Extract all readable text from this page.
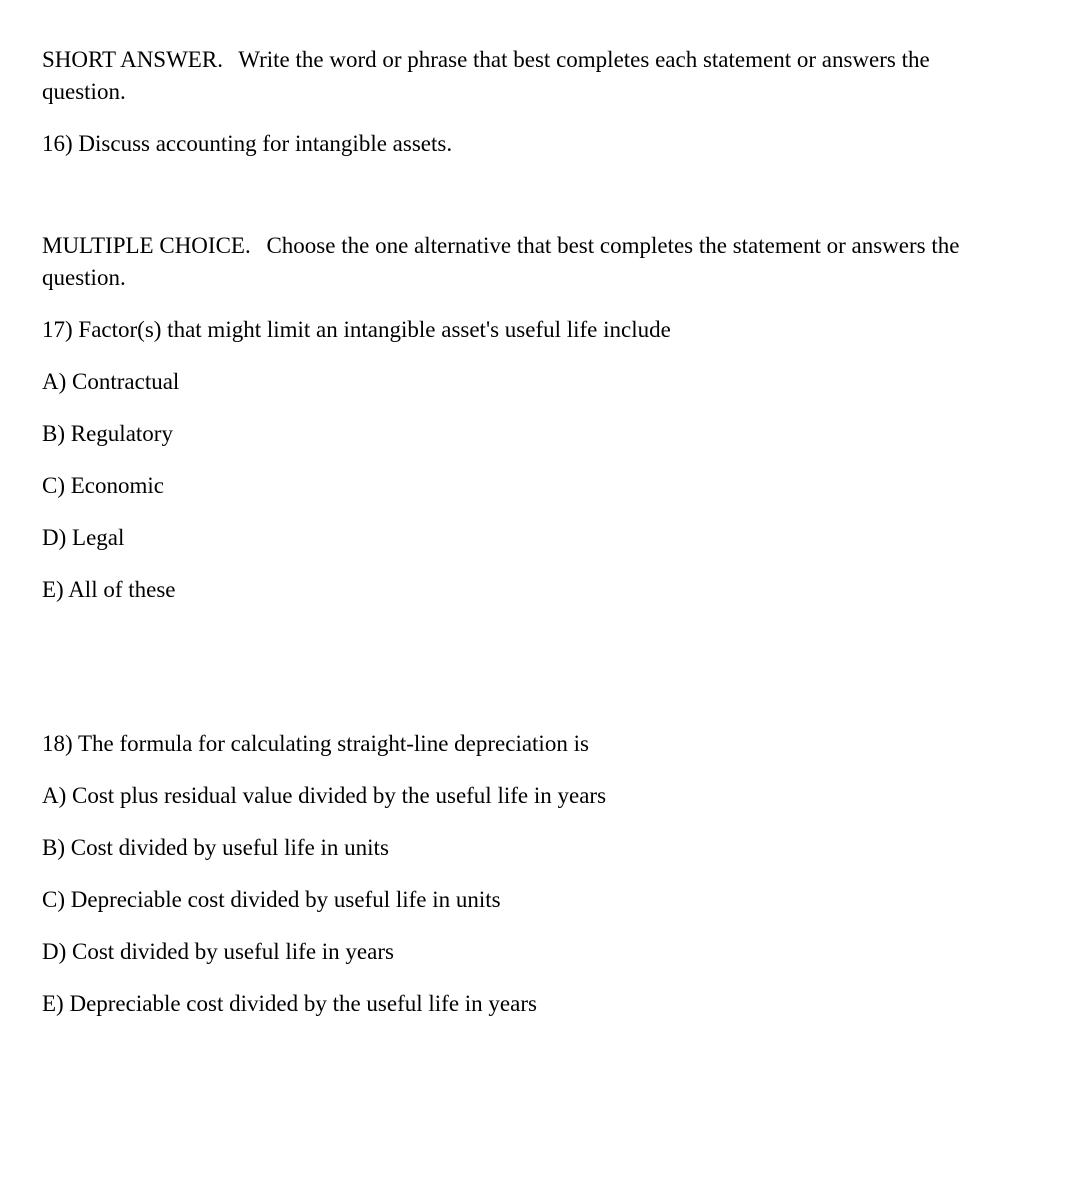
SHORT ANSWER. Write the word or phrase that best completes each statement or answers the question.
16) Discuss accounting for intangible assets.
MULTIPLE CHOICE. Choose the one alternative that best completes the statement or answers the question.
17) Factor(s) that might limit an intangible asset's useful life include
A) Contractual
B) Regulatory
C) Economic
D) Legal
E) All of these
18) The formula for calculating straight-line depreciation is
A) Cost plus residual value divided by the useful life in years
B) Cost divided by useful life in units
C) Depreciable cost divided by useful life in units
D) Cost divided by useful life in years
E) Depreciable cost divided by the useful life in years
